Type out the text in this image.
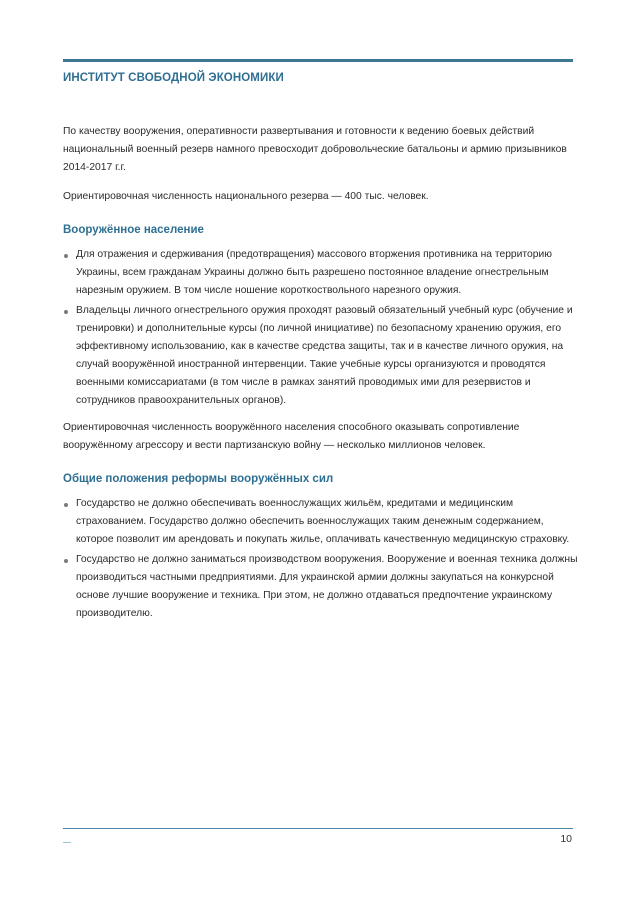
ИНСТИТУТ СВОБОДНОЙ ЭКОНОМИКИ

По качеству вооружения, оперативности развертывания и готовности к ведению боевых действий национальный военный резерв намного превосходит добровольческие батальоны и армию призывников 2014-2017 г.г.

Ориентировочная численность национального резерва — 400 тыс. человек.

Вооружённое население
Для отражения и сдерживания (предотвращения) массового вторжения противника на территорию Украины, всем гражданам Украины должно быть разрешено постоянное владение огнестрельным нарезным оружием. В том числе ношение короткоствольного нарезного оружия.
Владельцы личного огнестрельного оружия проходят разовый обязательный учебный курс (обучение и тренировки) и дополнительные курсы (по личной инициативе) по безопасному хранению оружия, его эффективному использованию, как в качестве средства защиты, так и в качестве личного оружия, на случай вооружённой иностранной интервенции. Такие учебные курсы организуются и проводятся военными комиссариатами (в том числе в рамках занятий проводимых ими для резервистов и сотрудников правоохранительных органов).

Ориентировочная численность вооружённого населения способного оказывать сопротивление вооружённому агрессору и вести партизанскую войну — несколько миллионов человек.

Общие положения реформы вооружённых сил
Государство не должно обеспечивать военнослужащих жильём, кредитами и медицинским страхованием. Государство должно обеспечить военнослужащих таким денежным содержанием, которое позволит им арендовать и покупать жилье, оплачивать качественную медицинскую страховку.
Государство не должно заниматься производством вооружения. Вооружение и военная техника должны производиться частными предприятиями. Для украинской армии должны закупаться на конкурсной основе лучшие вооружение и техника. При этом, не должно отдаваться предпочтение украинскому производителю.
10
